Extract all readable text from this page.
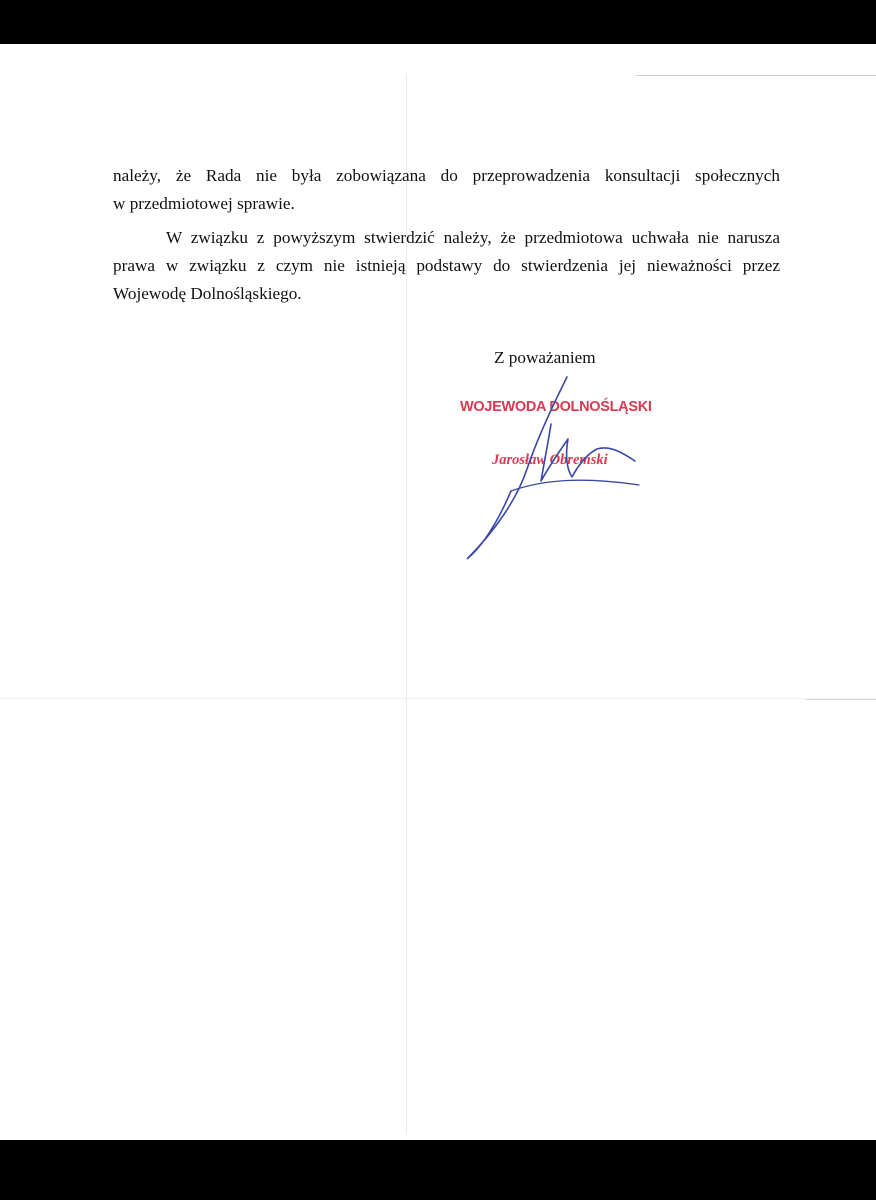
należy, że Rada nie była zobowiązana do przeprowadzenia konsultacji społecznych
w przedmiotowej sprawie.
W związku z powyższym stwierdzić należy, że przedmiotowa uchwała nie narusza
prawa w związku z czym nie istnieją podstawy do stwierdzenia jej nieważności przez
Wojewodę Dolnośląskiego.
Z poważaniem
WOJEWODA DOLNOŚLĄSKI
Jarosław Obremski
